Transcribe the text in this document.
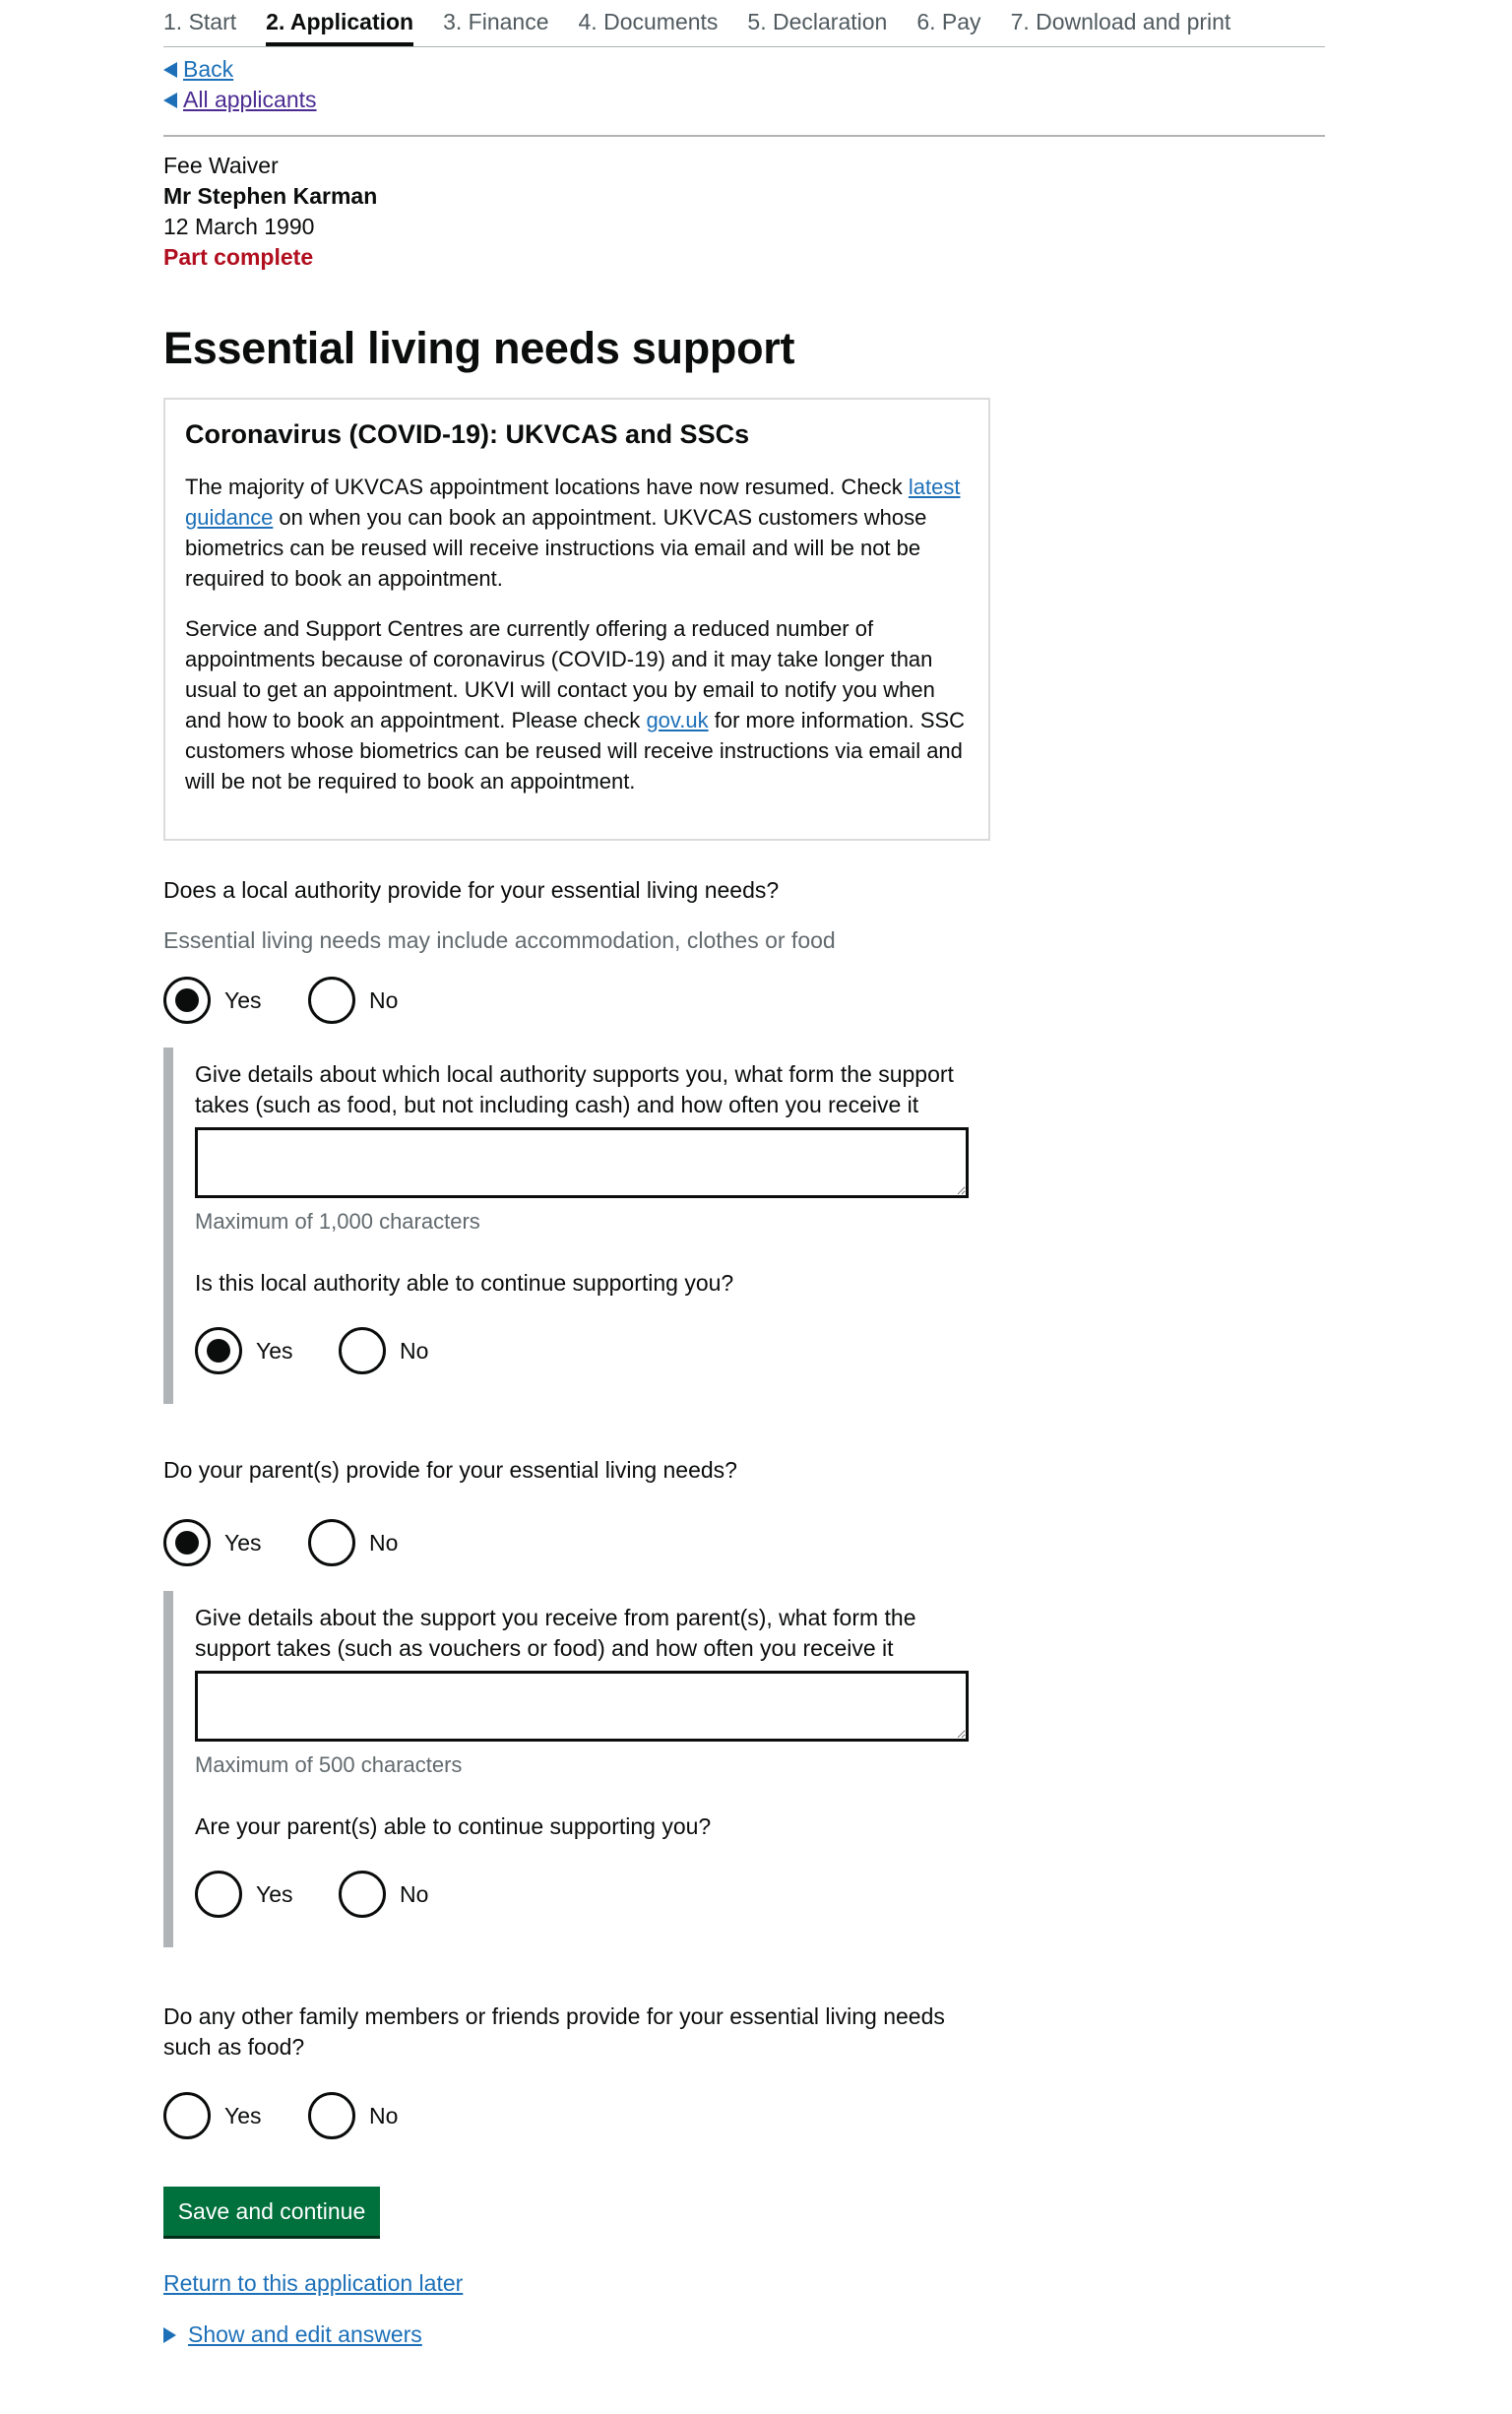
1. Start 2. Application 3. Finance 4. Documents 5. Declaration 6. Pay 7. Download and print
Back
All applicants
Fee Waiver
Mr Stephen Karman
12 March 1990
Part complete
Essential living needs support
Coronavirus (COVID-19): UKVCAS and SSCs

The majority of UKVCAS appointment locations have now resumed. Check latest guidance on when you can book an appointment. UKVCAS customers whose biometrics can be reused will receive instructions via email and will be not be required to book an appointment.

Service and Support Centres are currently offering a reduced number of appointments because of coronavirus (COVID-19) and it may take longer than usual to get an appointment. UKVI will contact you by email to notify you when and how to book an appointment. Please check gov.uk for more information. SSC customers whose biometrics can be reused will receive instructions via email and will be not be required to book an appointment.

Does a local authority provide for your essential living needs?
Essential living needs may include accommodation, clothes or food
Yes	No
Give details about which local authority supports you, what form the support takes (such as food, but not including cash) and how often you receive it
Maximum of 1,000 characters
Is this local authority able to continue supporting you?
Yes	No
Do your parent(s) provide for your essential living needs?
Yes	No
Give details about the support you receive from parent(s), what form the support takes (such as vouchers or food) and how often you receive it
Maximum of 500 characters
Are your parent(s) able to continue supporting you?
Yes	No
Do any other family members or friends provide for your essential living needs such as food?
Yes	No
Save and continue
Return to this application later
Show and edit answers
